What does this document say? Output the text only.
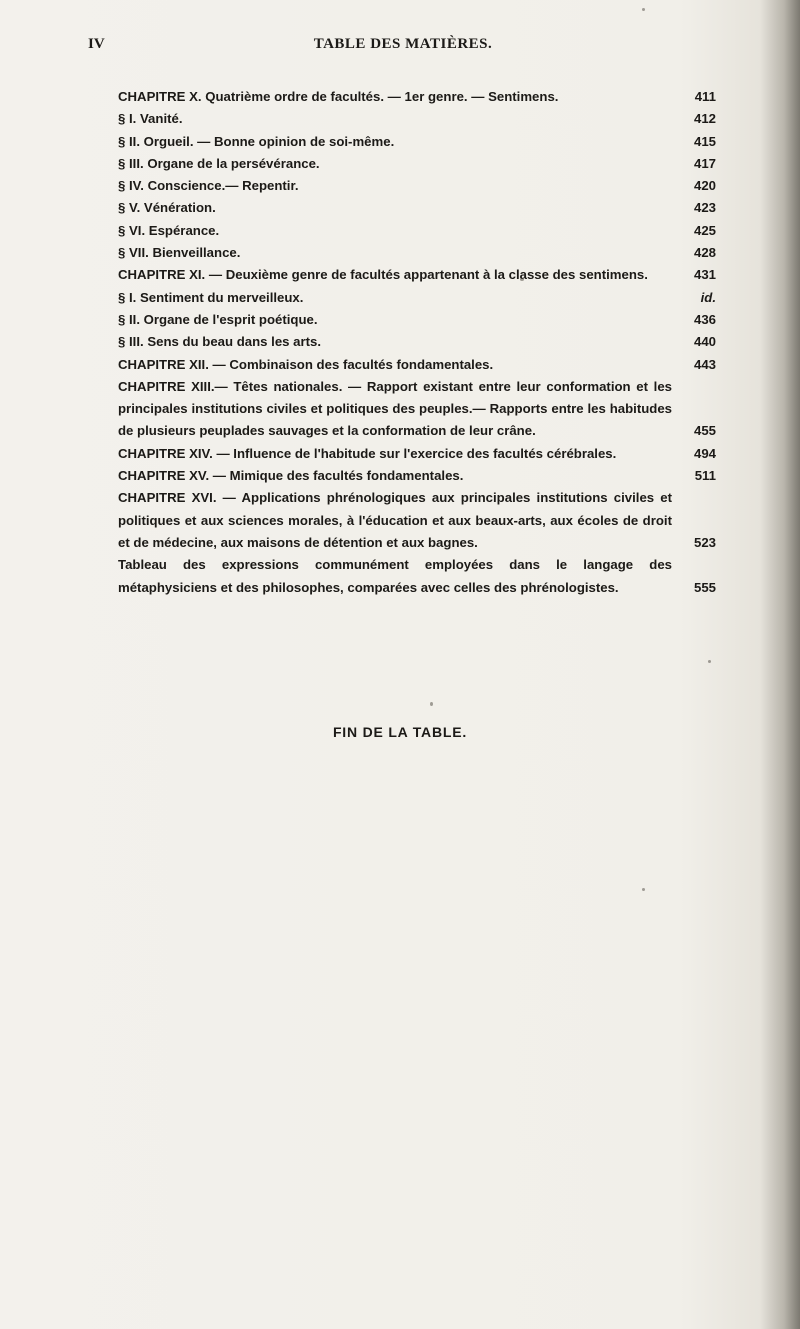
IV	TABLE DES MATIÈRES.
CHAPITRE X. Quatrième ordre de facultés. — 1er genre. — Sentimens.	411
§ I. Vanité.	412
§ II. Orgueil. — Bonne opinion de soi-même.	415
§ III. Organe de la persévérance.	417
§ IV. Conscience.— Repentir.	420
§ V. Vénération.	423
§ VI. Espérance.	425
§ VII. Bienveillance.	428
CHAPITRE XI. — Deuxième genre de facultés appartenant à la classe des sentimens.	431
§ I. Sentiment du merveilleux.	id.
§ II. Organe de l'esprit poétique.	436
§ III. Sens du beau dans les arts.	440
CHAPITRE XII. — Combinaison des facultés fondamentales.	443
CHAPITRE XIII.— Têtes nationales. — Rapport existant entre leur conformation et les principales institutions civiles et politiques des peuples.— Rapports entre les habitudes de plusieurs peuplades sauvages et la conformation de leur crâne.	455
CHAPITRE XIV. — Influence de l'habitude sur l'exercice des facultés cérébrales.	494
CHAPITRE XV. — Mimique des facultés fondamentales.	511
CHAPITRE XVI. — Applications phrénologiques aux principales institutions civiles et politiques et aux sciences morales, à l'éducation et aux beaux-arts, aux écoles de droit et de médecine, aux maisons de détention et aux bagnes.	523
Tableau des expressions communément employées dans le langage des métaphysiciens et des philosophes, comparées avec celles des phrénologistes.	555
FIN DE LA TABLE.
